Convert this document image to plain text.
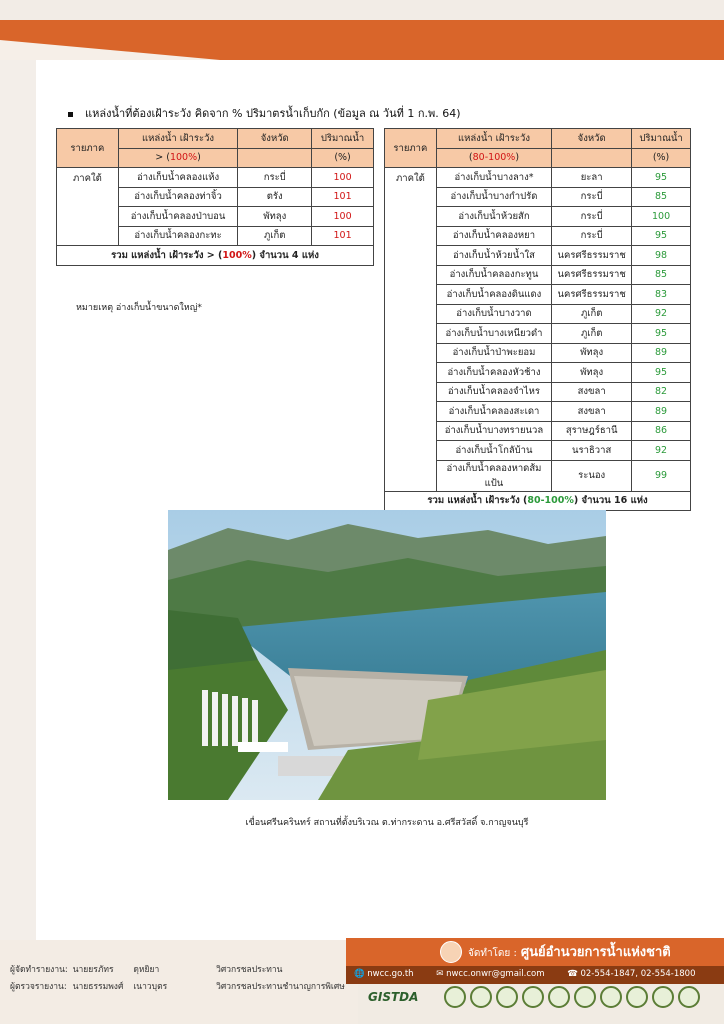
แหล่งน้ำที่ต้องเฝ้าระวัง คิดจาก % ปริมาตรน้ำเก็บกัก (ข้อมูล ณ วันที่ 1 ก.พ. 64)
รายภาค	แหล่งน้ำ เฝ้าระวัง	จังหวัด	ปริมาณน้ำ
	> (100%)		(%)
ภาคใต้	อ่างเก็บน้ำคลองแห้ง	กระบี่	100
	อ่างเก็บน้ำคลองท่าจิ้ว	ตรัง	101
	อ่างเก็บน้ำคลองป่าบอน	พัทลุง	100
	อ่างเก็บน้ำคลองกะทะ	ภูเก็ต	101
รวม แหล่งน้ำ เฝ้าระวัง > (100%) จำนวน 4 แห่ง			
รายภาค	แหล่งน้ำ เฝ้าระวัง	จังหวัด	ปริมาณน้ำ
	(80-100%)		(%)
ภาคใต้	อ่างเก็บน้ำบางลาง*	ยะลา	95
	อ่างเก็บน้ำบางกำปรัด	กระบี่	85
	อ่างเก็บน้ำห้วยสัก	กระบี่	100
	อ่างเก็บน้ำคลองหยา	กระบี่	95
	อ่างเก็บน้ำห้วยน้ำใส	นครศรีธรรมราช	98
	อ่างเก็บน้ำคลองกะทูน	นครศรีธรรมราช	85
	อ่างเก็บน้ำคลองดินแดง	นครศรีธรรมราช	83
	อ่างเก็บน้ำบางวาด	ภูเก็ต	92
	อ่างเก็บน้ำบางเหนียวดำ	ภูเก็ต	95
	อ่างเก็บน้ำป่าพะยอม	พัทลุง	89
	อ่างเก็บน้ำคลองหัวช้าง	พัทลุง	95
	อ่างเก็บน้ำคลองจำไหร	สงขลา	82
	อ่างเก็บน้ำคลองสะเดา	สงขลา	89
	อ่างเก็บน้ำบางทรายนวล	สุราษฎร์ธานี	86
	อ่างเก็บน้ำโกลับ้าน	นราธิวาส	92
	อ่างเก็บน้ำคลองหาดส้มแป้น	ระนอง	99
รวม แหล่งน้ำ เฝ้าระวัง (80-100%) จำนวน 16 แห่ง			
หมายเหตุ อ่างเก็บน้ำขนาดใหญ่*
เขื่อนศรีนครินทร์ สถานที่ตั้งบริเวณ ต.ท่ากระดาน อ.ศรีสวัสดิ์ จ.กาญจนบุรี
จัดทำโดย : ศูนย์อำนวยการน้ำแห่งชาติ
🌐 nwcc.go.th	✉ nwcc.onwr@gmail.com	☎ 02-554-1847, 02-554-1800
ผู้จัดทำรายงาน: นายยรภัทร ดุหยิยา	วิศวกรชลประทาน
ผู้ตรวจรายงาน: นายธรรมพงศ์ เนาวบุตร	วิศวกรชลประทานชำนาญการพิเศษ
GISTDA
